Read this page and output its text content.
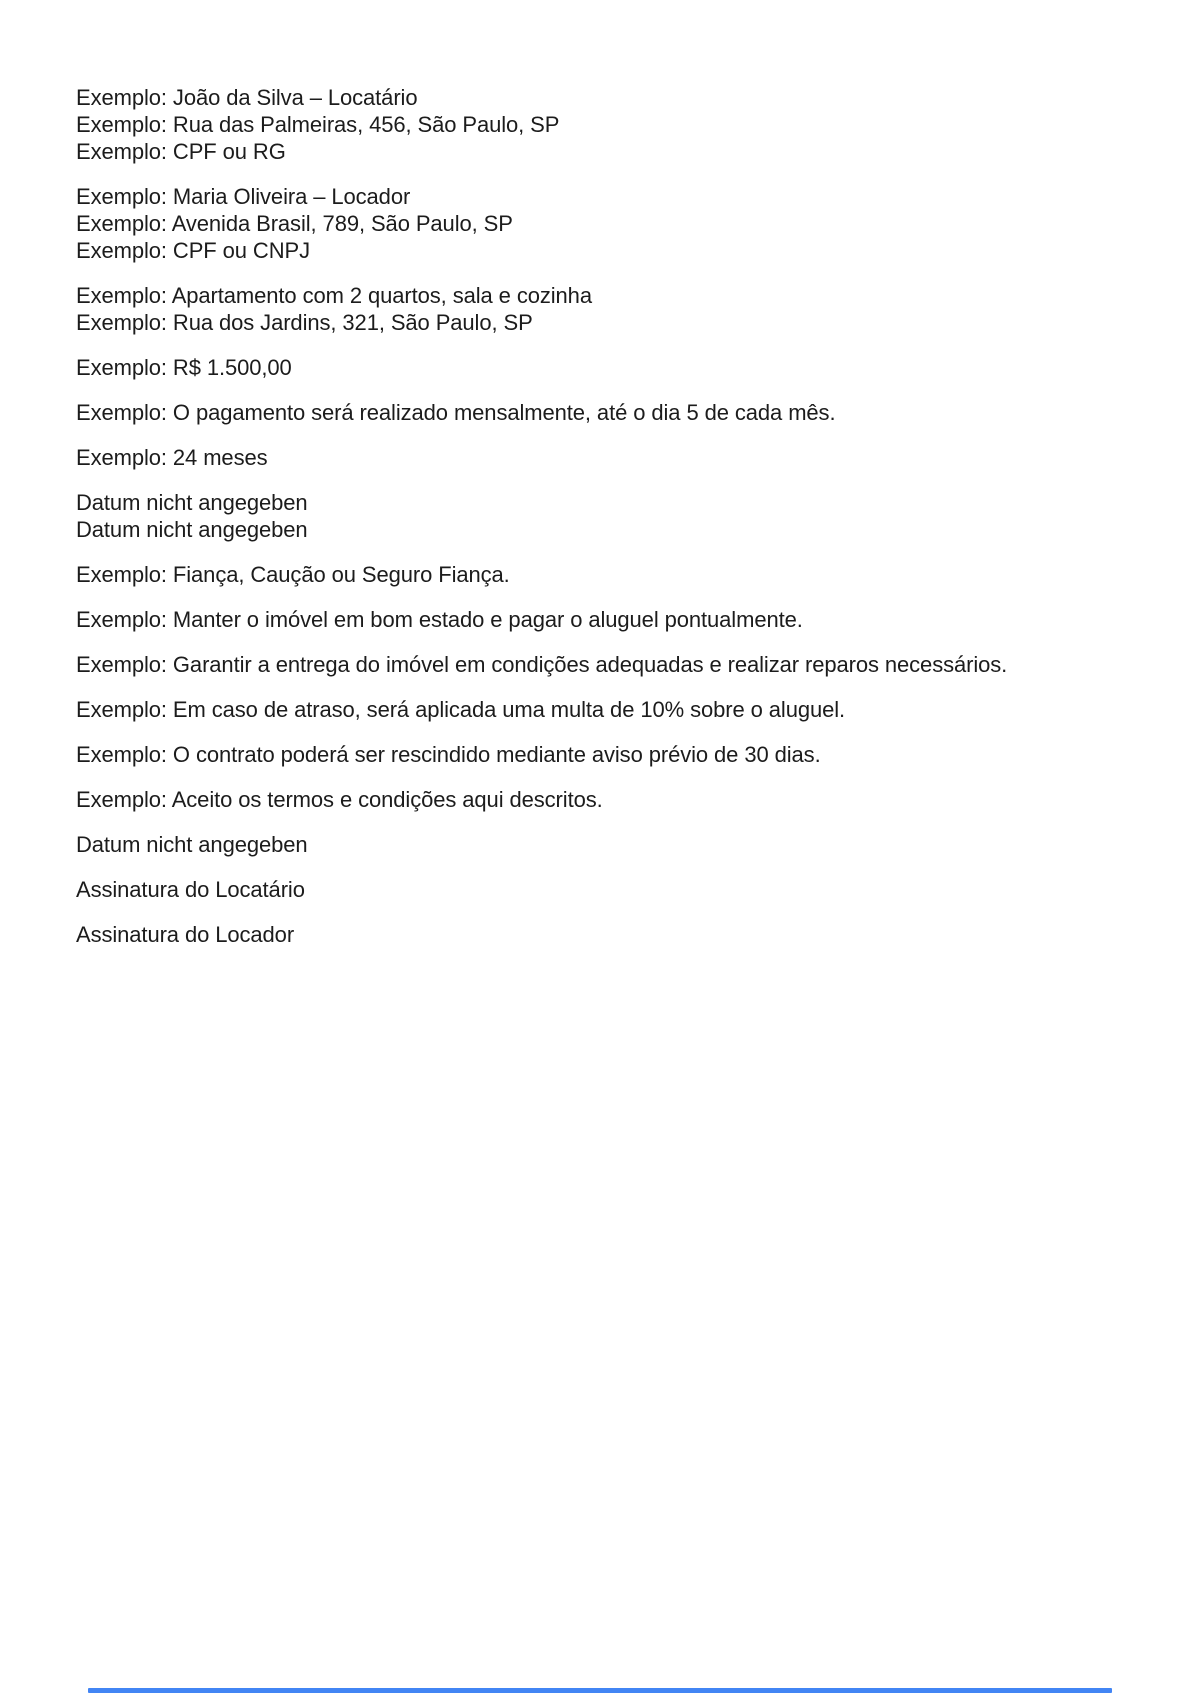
Exemplo: João da Silva – Locatário
Exemplo: Rua das Palmeiras, 456, São Paulo, SP
Exemplo: CPF ou RG
Exemplo: Maria Oliveira – Locador
Exemplo: Avenida Brasil, 789, São Paulo, SP
Exemplo: CPF ou CNPJ
Exemplo: Apartamento com 2 quartos, sala e cozinha
Exemplo: Rua dos Jardins, 321, São Paulo, SP
Exemplo: R$ 1.500,00
Exemplo: O pagamento será realizado mensalmente, até o dia 5 de cada mês.
Exemplo: 24 meses
Datum nicht angegeben
Datum nicht angegeben
Exemplo: Fiança, Caução ou Seguro Fiança.
Exemplo: Manter o imóvel em bom estado e pagar o aluguel pontualmente.
Exemplo: Garantir a entrega do imóvel em condições adequadas e realizar reparos necessários.
Exemplo: Em caso de atraso, será aplicada uma multa de 10% sobre o aluguel.
Exemplo: O contrato poderá ser rescindido mediante aviso prévio de 30 dias.
Exemplo: Aceito os termos e condições aqui descritos.
Datum nicht angegeben
Assinatura do Locatário
Assinatura do Locador
